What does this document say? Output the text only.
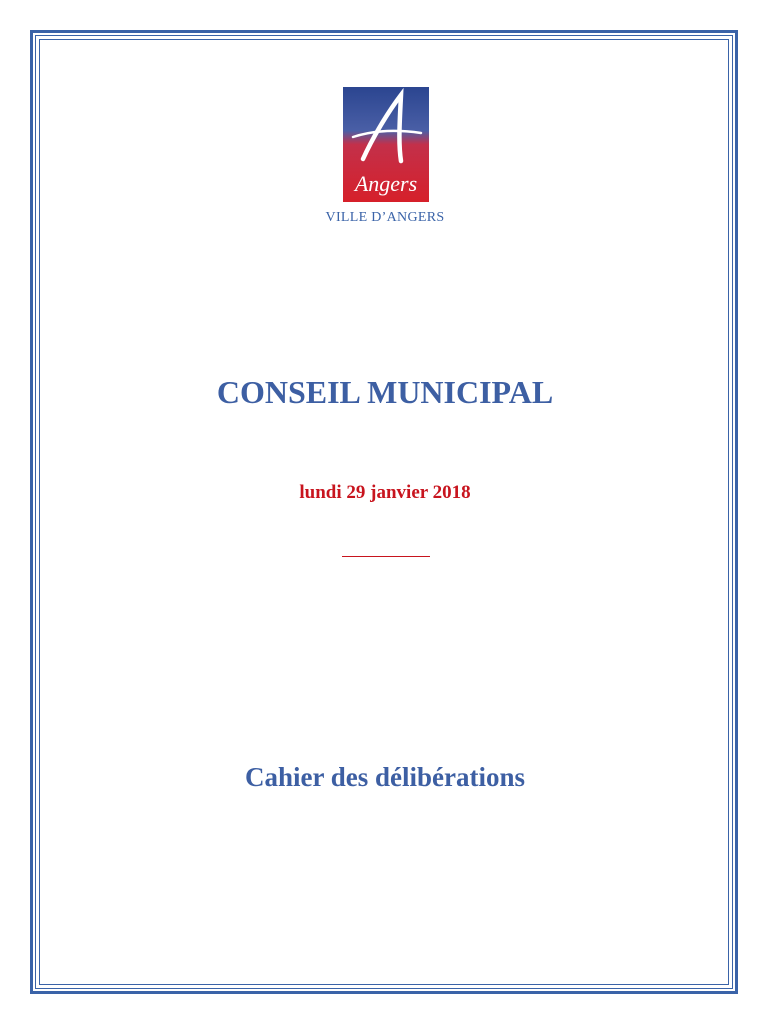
Angers
VILLE D’ANGERS
CONSEIL MUNICIPAL
lundi 29 janvier 2018
Cahier des délibérations
